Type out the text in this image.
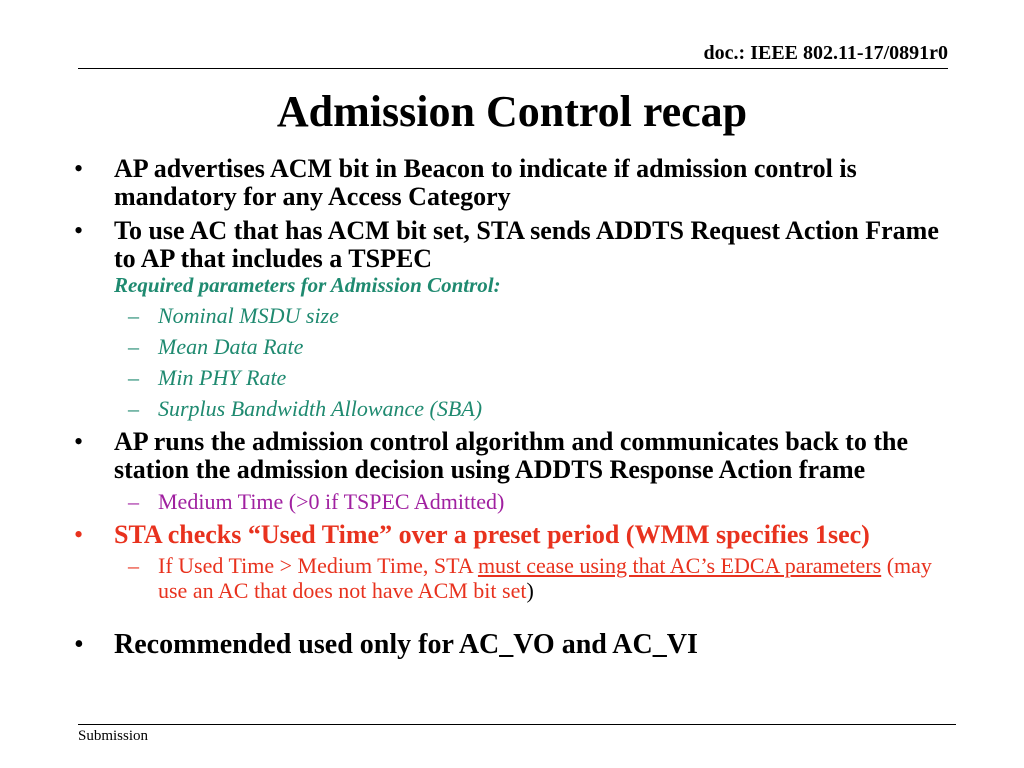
doc.: IEEE 802.11-17/0891r0
Admission Control recap
• AP advertises ACM bit in Beacon to indicate if admission control is mandatory for any Access Category
• To use AC that has ACM bit set, STA sends ADDTS Request Action Frame to AP that includes a TSPEC
Required parameters for Admission Control:
– Nominal MSDU size
– Mean Data Rate
– Min PHY Rate
– Surplus Bandwidth Allowance (SBA)
• AP runs the admission control algorithm and communicates back to the station the admission decision using ADDTS Response Action frame
– Medium Time (>0 if TSPEC Admitted)
• STA checks “Used Time” over a preset period (WMM specifies 1sec)
– If Used Time > Medium Time, STA must cease using that AC’s EDCA parameters (may use an AC that does not have ACM bit set)
• Recommended used only for AC_VO and AC_VI
Submission
